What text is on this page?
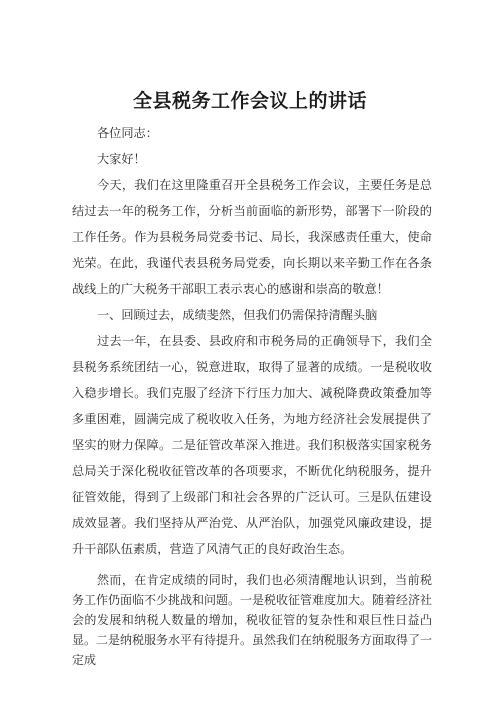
全县税务工作会议上的讲话

各位同志：

大家好！

今天，我们在这里隆重召开全县税务工作会议，主要任务是总结过去一年的税务工作，分析当前面临的新形势，部署下一阶段的工作任务。作为县税务局党委书记、局长，我深感责任重大，使命光荣。在此，我谨代表县税务局党委，向长期以来辛勤工作在各条战线上的广大税务干部职工表示衷心的感谢和崇高的敬意！

一、回顾过去，成绩斐然，但我们仍需保持清醒头脑

过去一年，在县委、县政府和市税务局的正确领导下，我们全县税务系统团结一心，锐意进取，取得了显著的成绩。一是税收收入稳步增长。我们克服了经济下行压力加大、减税降费政策叠加等多重困难，圆满完成了税收收入任务，为地方经济社会发展提供了坚实的财力保障。二是征管改革深入推进。我们积极落实国家税务总局关于深化税收征管改革的各项要求，不断优化纳税服务，提升征管效能，得到了上级部门和社会各界的广泛认可。三是队伍建设成效显著。我们坚持从严治党、从严治队，加强党风廉政建设，提升干部队伍素质，营造了风清气正的良好政治生态。

然而，在肯定成绩的同时，我们也必须清醒地认识到，当前税务工作仍面临不少挑战和问题。一是税收征管难度加大。随着经济社会的发展和纳税人数量的增加，税收征管的复杂性和艰巨性日益凸显。二是纳税服务水平有待提升。虽然我们在纳税服务方面取得了一定成
